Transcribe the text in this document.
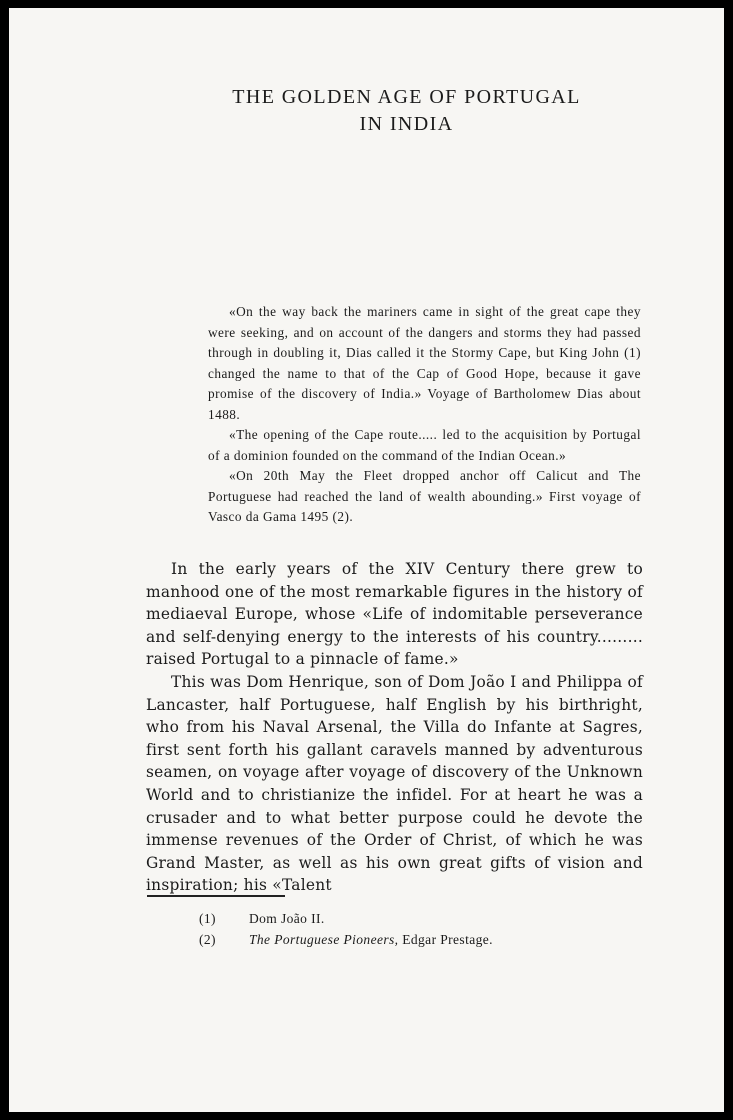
THE GOLDEN AGE OF PORTUGAL
IN INDIA

«On the way back the mariners came in sight of the great cape they were seeking, and on account of the dangers and storms they had passed through in doubling it, Dias called it the Stormy Cape, but King John (1) changed the name to that of the Cap of Good Hope, because it gave promise of the discovery of India.» Voyage of Bartholomew Dias about 1488.

«The opening of the Cape route..... led to the acquisition by Portugal of a dominion founded on the command of the Indian Ocean.»

«On 20th May the Fleet dropped anchor off Calicut and The Portuguese had reached the land of wealth abounding.» First voyage of Vasco da Gama 1495 (2).

In the early years of the XIV Century there grew to manhood one of the most remarkable figures in the history of mediaeval Europe, whose «Life of indomitable perseverance and self-denying energy to the interests of his country......... raised Portugal to a pinnacle of fame.»

This was Dom Henrique, son of Dom João I and Philippa of Lancaster, half Portuguese, half English by his birthright, who from his Naval Arsenal, the Villa do Infante at Sagres, first sent forth his gallant caravels manned by adventurous seamen, on voyage after voyage of discovery of the Unknown World and to christianize the infidel. For at heart he was a crusader and to what better purpose could he devote the immense revenues of the Order of Christ, of which he was Grand Master, as well as his own great gifts of vision and inspiration; his «Talent

(1)	Dom João II.
(2)	The Portuguese Pioneers, Edgar Prestage.
